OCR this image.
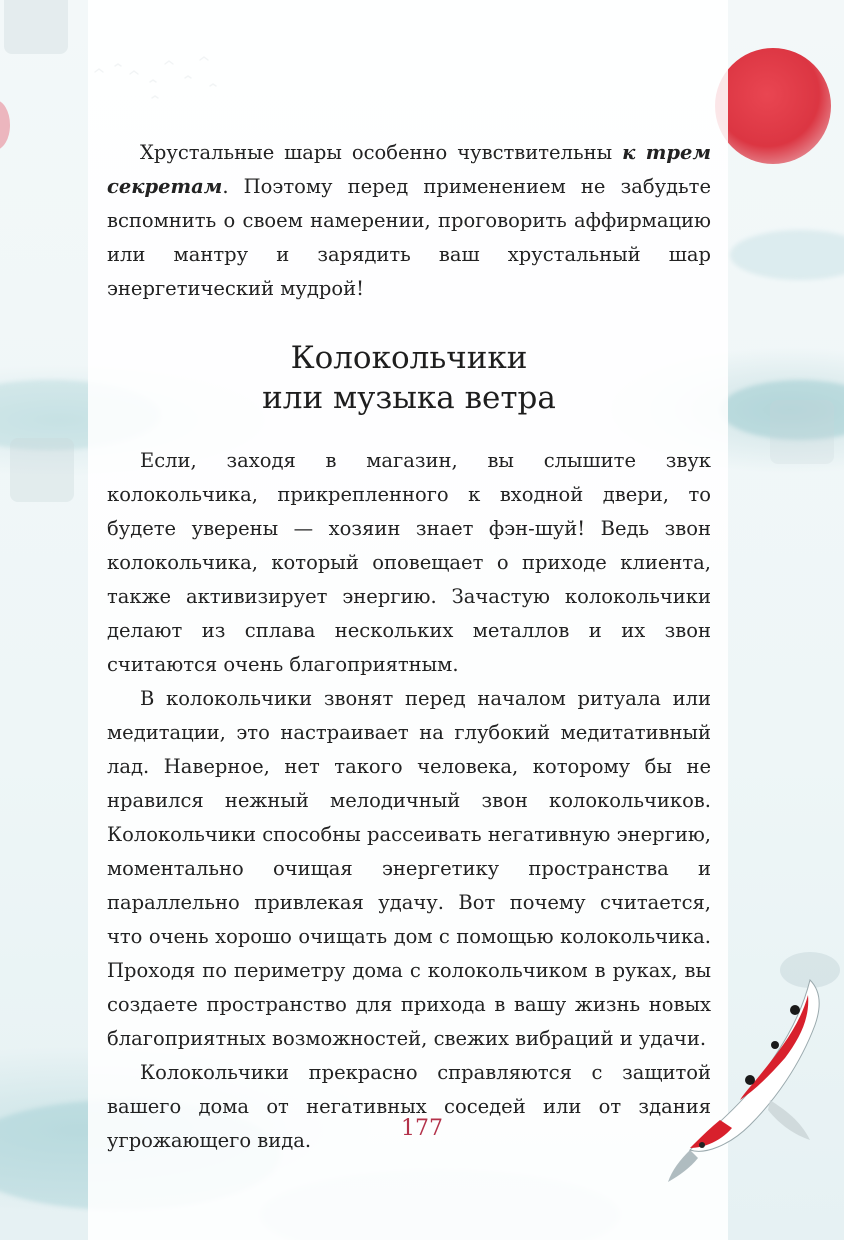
Хрустальные шары особенно чувствительны к трем секретам. Поэтому перед применением не забудьте вспомнить о своем намерении, проговорить аффирмацию или мантру и зарядить ваш хрустальный шар энергетический мудрой!

Колокольчики
или музыка ветра

Если, заходя в магазин, вы слышите звук колокольчика, прикрепленного к входной двери, то будете уверены — хозяин знает фэн-шуй! Ведь звон колокольчика, который оповещает о приходе клиента, также активизирует энергию. Зачастую колокольчики делают из сплава нескольких металлов и их звон считаются очень благоприятным.

В колокольчики звонят перед началом ритуала или медитации, это настраивает на глубокий медитативный лад. Наверное, нет такого человека, которому бы не нравился нежный мелодичный звон колокольчиков. Колокольчики способны рассеивать негативную энергию, моментально очищая энергетику пространства и параллельно привлекая удачу. Вот почему считается, что очень хорошо очищать дом с помощью колокольчика. Проходя по периметру дома с колокольчиком в руках, вы создаете пространство для прихода в вашу жизнь новых благоприятных возможностей, свежих вибраций и удачи.

Колокольчики прекрасно справляются с защитой вашего дома от негативных соседей или от здания угрожающего вида.	177
